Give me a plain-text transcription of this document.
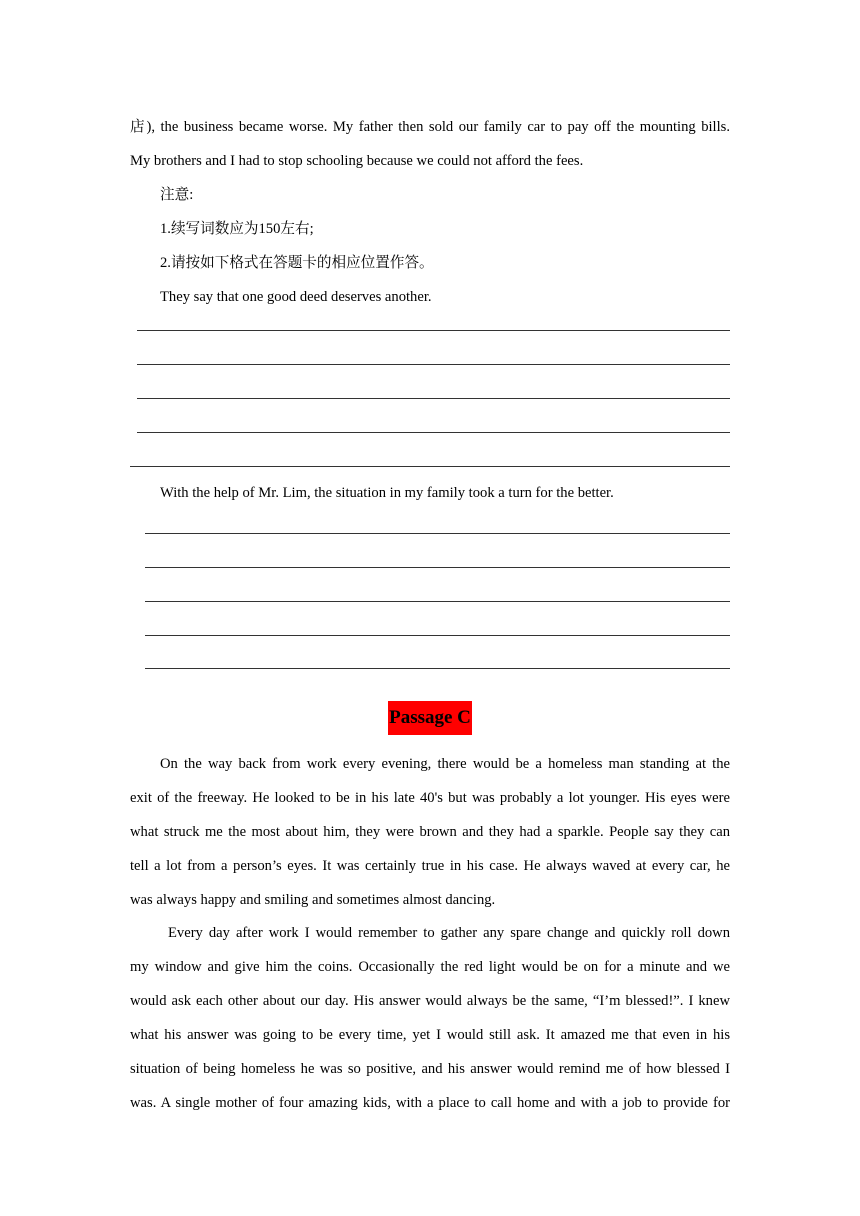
店), the business became worse. My father then sold our family car to pay off the mounting bills.
My brothers and I had to stop schooling because we could not afford the fees.
注意:
1.续写词数应为150左右;
2.请按如下格式在答题卡的相应位置作答。
They say that one good deed deserves another.
With the help of Mr. Lim, the situation in my family took a turn for the better.
Passage C
On the way back from work every evening, there would be a homeless man standing at the
exit of the freeway. He looked to be in his late 40's but was probably a lot younger. His eyes were
what struck me the most about him, they were brown and they had a sparkle. People say they can
tell a lot from a person’s eyes. It was certainly true in his case. He always waved at every car, he
was always happy and smiling and sometimes almost dancing.
Every day after work I would remember to gather any spare change and quickly roll down
my window and give him the coins. Occasionally the red light would be on for a minute and we
would ask each other about our day. His answer would always be the same, “I’m blessed!”. I knew
what his answer was going to be every time, yet I would still ask. It amazed me that even in his
situation of being homeless he was so positive, and his answer would remind me of how blessed I
was. A single mother of four amazing kids, with a place to call home and with a job to provide for
